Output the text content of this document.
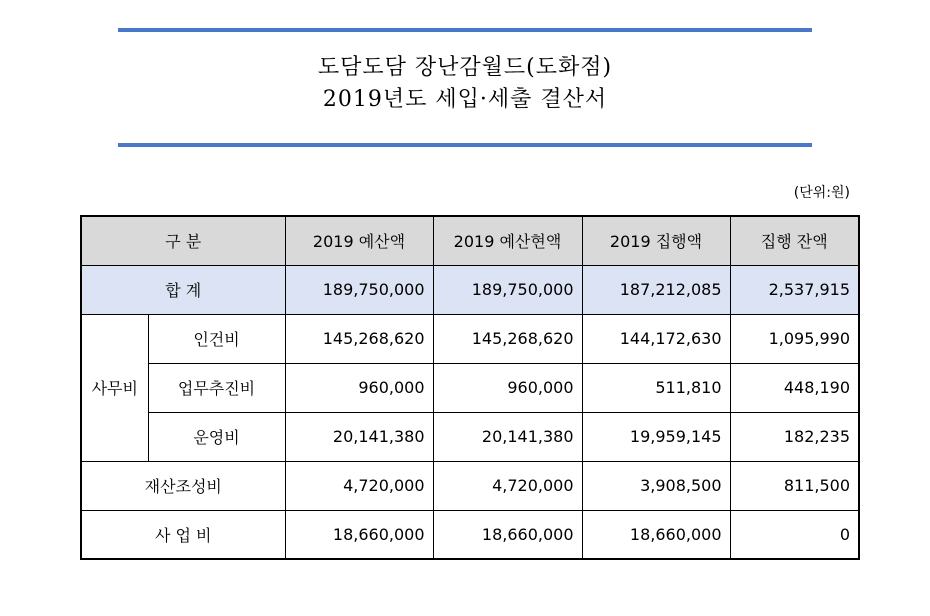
도담도담 장난감월드(도화점)
2019년도 세입·세출 결산서
(단위:원)
구 분		2019 예산액	2019 예산현액	2019 집행액	집행 잔액
합 계		189,750,000	189,750,000	187,212,085	2,537,915
사무비	인건비	145,268,620	145,268,620	144,172,630	1,095,990
	업무추진비	960,000	960,000	511,810	448,190
	운영비	20,141,380	20,141,380	19,959,145	182,235
재산조성비		4,720,000	4,720,000	3,908,500	811,500
사 업 비		18,660,000	18,660,000	18,660,000	0
